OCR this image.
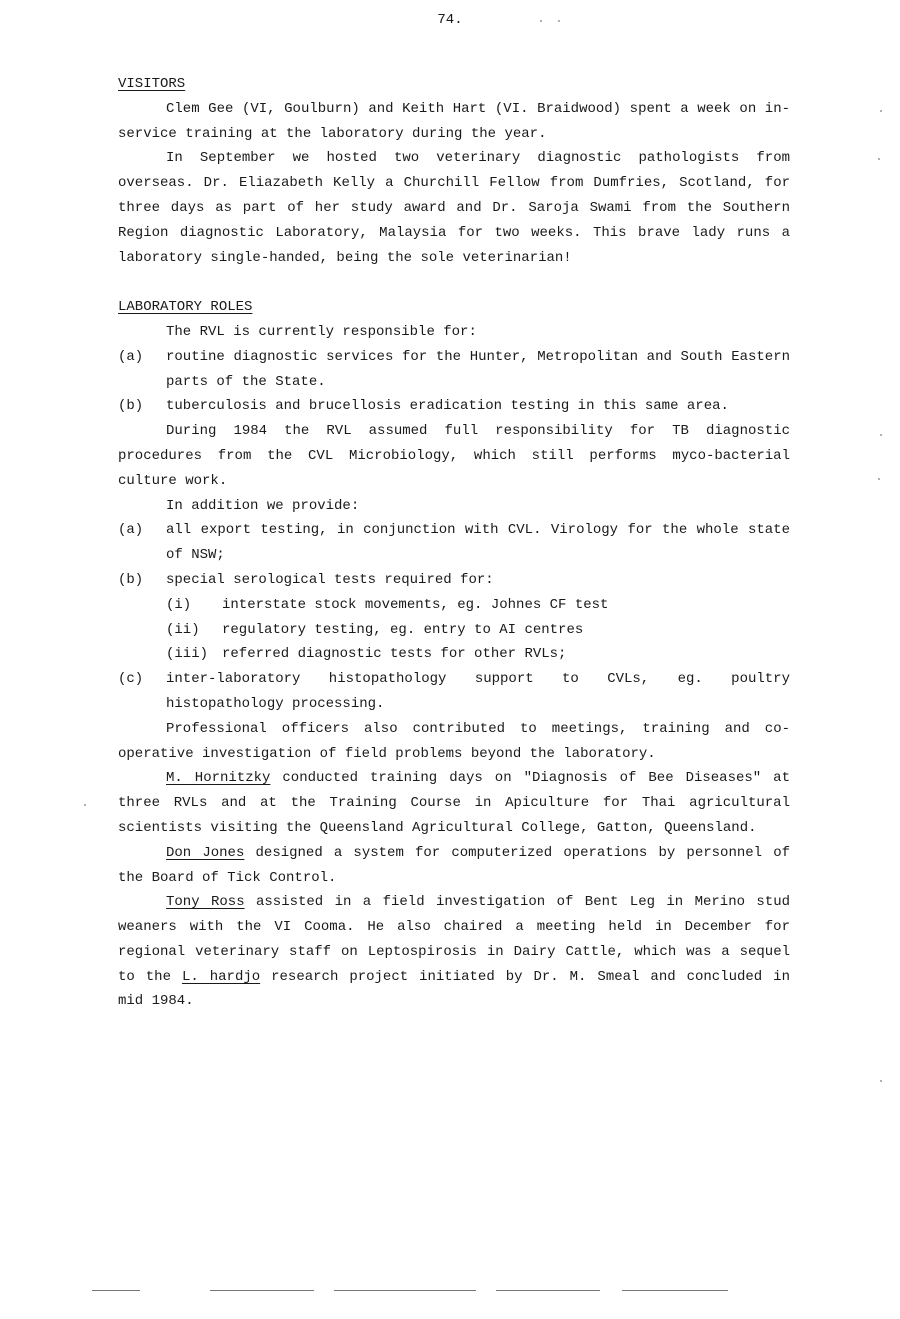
74.

VISITORS

Clem Gee (VI, Goulburn) and Keith Hart (VI. Braidwood) spent a week on in-service training at the laboratory during the year.

In September we hosted two veterinary diagnostic pathologists from overseas. Dr. Eliazabeth Kelly a Churchill Fellow from Dumfries, Scotland, for three days as part of her study award and Dr. Saroja Swami from the Southern Region diagnostic Laboratory, Malaysia for two weeks. This brave lady runs a laboratory single-handed, being the sole veterinarian!

LABORATORY ROLES

The RVL is currently responsible for:

(a) routine diagnostic services for the Hunter, Metropolitan and South Eastern parts of the State.
(b) tuberculosis and brucellosis eradication testing in this same area.

During 1984 the RVL assumed full responsibility for TB diagnostic procedures from the CVL Microbiology, which still performs myco-bacterial culture work.

In addition we provide:

(a) all export testing, in conjunction with CVL. Virology for the whole state of NSW;
(b) special serological tests required for:
(i) interstate stock movements, eg. Johnes CF test
(ii) regulatory testing, eg. entry to AI centres
(iii) referred diagnostic tests for other RVLs;
(c) inter-laboratory histopathology support to CVLs, eg. poultry histopathology processing.

Professional officers also contributed to meetings, training and co-operative investigation of field problems beyond the laboratory.

M. Hornitzky conducted training days on "Diagnosis of Bee Diseases" at three RVLs and at the Training Course in Apiculture for Thai agricultural scientists visiting the Queensland Agricultural College, Gatton, Queensland.

Don Jones designed a system for computerized operations by personnel of the Board of Tick Control.

Tony Ross assisted in a field investigation of Bent Leg in Merino stud weaners with the VI Cooma. He also chaired a meeting held in December for regional veterinary staff on Leptospirosis in Dairy Cattle, which was a sequel to the L. hardjo research project initiated by Dr. M. Smeal and concluded in mid 1984.
